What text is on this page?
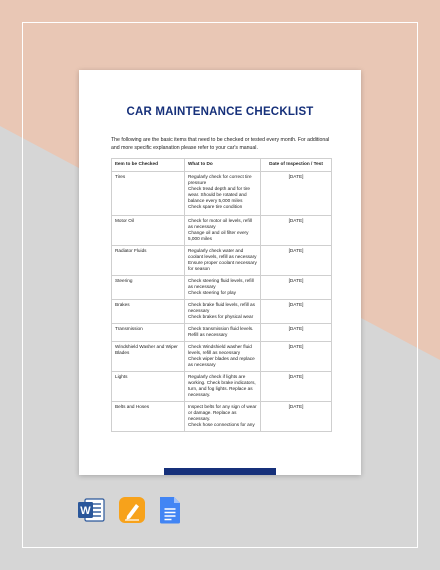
CAR MAINTENANCE CHECKLIST
The following are the basic items that need to be checked or tested every month. For additional and more specific explanation please refer to your car's manual.
Item to be Checked	What to Do	Date of Inspection / Test
Tires	Regularly check for correct tire pressure
Check tread depth and for tire wear. Should be rotated and balance every 5,000 miles
Check spare tire condition	[DATE]
Motor Oil	Check for motor oil levels, refill as necessary
Change oil and oil filter every 5,000 miles	[DATE]
Radiator Fluids	Regularly check water and coolant levels, refill as necessary
Ensure proper coolant necessary for season	[DATE]
Steering	Check steering fluid levels, refill as necessary
Check steering for play	[DATE]
Brakes	Check brake fluid levels, refill as necessary
Check brakes for physical wear	[DATE]
Transmission	Check transmission fluid levels. Refill as necessary	[DATE]
Windshield Washer and Wiper Blades	Check Windshield washer fluid levels, refill as necessary
Check wiper blades and replace as necessary	[DATE]
Lights	Regularly check if lights are working. Check brake indicators, turn, and fog lights. Replace as necessary.	[DATE]
Belts and Hoses	Inspect belts for any sign of wear or damage. Replace as necessary.
Check hose connections for any	[DATE]
W
